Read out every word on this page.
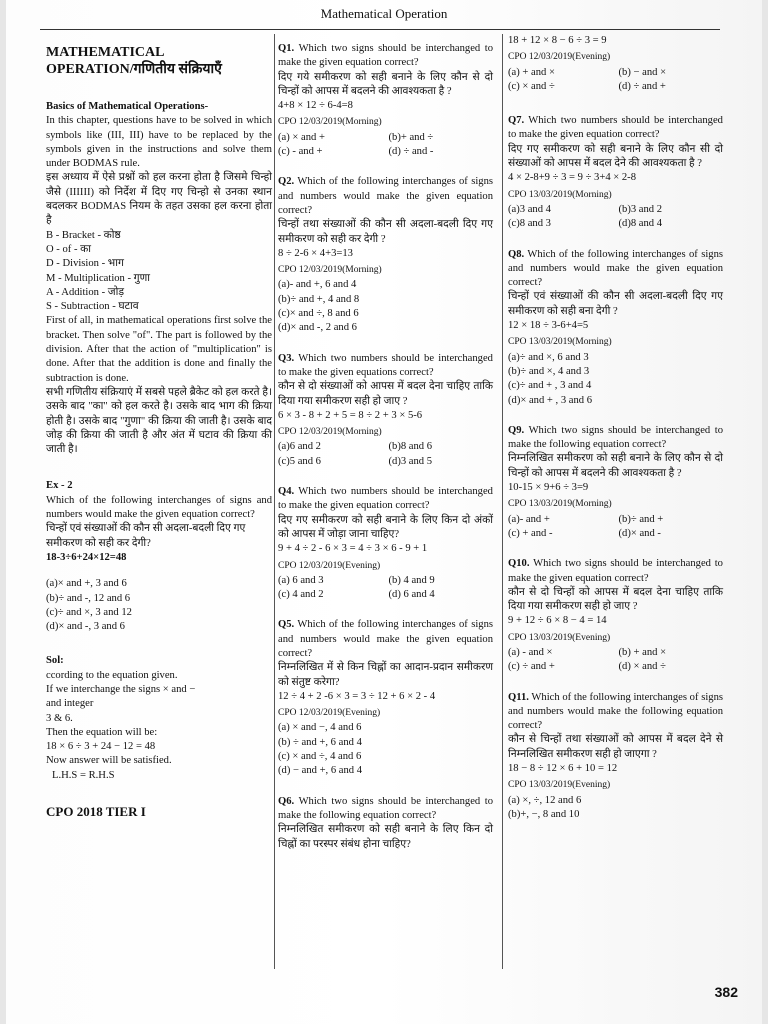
Mathematical Operation
MATHEMATICAL
OPERATION/गणितीय संक्रियाएँ
Basics of Mathematical Operations-
In this chapter, questions have to be solved in which symbols like (III, III) have to be replaced by the symbols given in the instructions and solve them under BODMAS rule.
इस अध्याय में ऐसे प्रश्नों को हल करना होता है जिसमे चिन्हो जैसे (IIIIII) को निर्देश में दिए गए चिन्हो से उनका स्थान बदलकर BODMAS नियम के तहत उसका हल करना होता है
B - Bracket - कोष्ठ
O - of - का
D - Division - भाग
M - Multiplication - गुणा
A - Addition - जोड़
S - Subtraction - घटाव
First of all, in mathematical operations first solve the bracket. Then solve "of". The part is followed by the division. After that the action of "multiplication" is done. After that the addition is done and finally the subtraction is done.
सभी गणितीय संक्रियाएं में सबसे पहले ब्रैकेट को हल करते है। उसके बाद "का" को हल करते है। उसके बाद भाग की क्रिया होती है। उसके बाद "गुणा" की क्रिया की जाती है। उसके बाद जोड़ की क्रिया की जाती है और अंत में घटाव की क्रिया की जाती है।
Ex - 2
Which of the following interchanges of signs and numbers would make the given equation correct?
चिन्हों एवं संख्याओं की कौन सी अदला-बदली दिए गए समीकरण को सही कर देगी?
18-3÷6+24×12=48
(a)× and +, 3 and 6
(b)÷ and -, 12 and 6
(c)÷ and ×, 3 and 12
(d)× and -, 3 and 6
Sol:
ccording to the equation given.
If we interchange the signs × and −
and integer
3 & 6.
Then the equation will be:
18 × 6 ÷ 3 + 24 − 12 = 48
Now answer will be satisfied.
L.H.S = R.H.S
CPO 2018 TIER I
Q1. Which two signs should be interchanged to make the given equation correct?
दिए गये समीकरण को सही बनाने के लिए कौन से दो चिन्हों को आपस में बदलने की आवश्यकता है ?
4+8 × 12 ÷ 6-4=8
CPO 12/03/2019(Morning)
(a) × and +	(b)+ and ÷
(c) - and +	(d) ÷ and -
Q2. Which of the following interchanges of signs and numbers would make the given equation correct?
चिन्हों तथा संख्याओं की कौन सी अदला-बदली दिए गए समीकरण को सही कर देगी ?
8 ÷ 2-6 × 4+3=13
CPO 12/03/2019(Morning)
(a)- and +, 6 and 4
(b)÷ and +, 4 and 8
(c)× and ÷, 8 and 6
(d)× and -, 2 and 6
Q3. Which two numbers should be interchanged to make the given equations correct?
कौन से दो संख्याओं को आपस में बदल देना चाहिए ताकि दिया गया समीकरण सही हो जाए ?
6 × 3 - 8 + 2 + 5 = 8 ÷ 2 + 3 × 5-6
CPO 12/03/2019(Morning)
(a)6 and 2	(b)8 and 6
(c)5 and 6	(d)3 and 5
Q4. Which two numbers should be interchanged to make the given equation correct?
दिए गए समीकरण को सही बनाने के लिए किन दो अंकों को आपस में जोड़ा जाना चाहिए?
9 + 4 ÷ 2 - 6 × 3 = 4 ÷ 3 × 6 - 9 + 1
CPO 12/03/2019(Evening)
(a) 6 and 3	(b) 4 and 9
(c) 4 and 2	(d) 6 and 4
Q5. Which of the following interchanges of signs and numbers would make the given equation correct?
निम्नलिखित में से किन चिह्नों का आदान-प्रदान समीकरण को संतुष्ट करेगा?
12 ÷ 4 + 2 -6 × 3 = 3 ÷ 12 + 6 × 2 - 4
CPO 12/03/2019(Evening)
(a) × and −, 4 and 6
(b) ÷ and +, 6 and 4
(c) × and ÷, 4 and 6
(d) − and +, 6 and 4
Q6. Which two signs should be interchanged to make the following equation correct?
निम्नलिखित समीकरण को सही बनाने के लिए किन दो चिह्नों का परस्पर संबंध होना चाहिए?
18 + 12 × 8 − 6 ÷ 3 = 9
CPO 12/03/2019(Evening)
(a) + and ×	(b) − and ×
(c) × and ÷	(d) ÷ and +
Q7. Which two numbers should be interchanged to make the given equation correct?
दिए गए समीकरण को सही बनाने के लिए कौन सी दो संख्याओं को आपस में बदल देने की आवश्यकता है ?
4 × 2-8+9 ÷ 3 = 9 ÷ 3+4 × 2-8
CPO 13/03/2019(Morning)
(a)3 and 4	(b)3 and 2
(c)8 and 3	(d)8 and 4
Q8. Which of the following interchanges of signs and numbers would make the given equation correct?
चिन्हों एवं संख्याओं की कौन सी अदला-बदली दिए गए समीकरण को सही बना देगी ?
12 × 18 ÷ 3-6+4=5
CPO 13/03/2019(Morning)
(a)÷ and ×, 6 and 3
(b)÷ and ×, 4 and 3
(c)÷ and + , 3 and 4
(d)× and + , 3 and 6
Q9. Which two signs should be interchanged to make the following equation correct?
निम्नलिखित समीकरण को सही बनाने के लिए कौन से दो चिन्हों को आपस में बदलने की आवश्यकता है ?
10-15 × 9+6 ÷ 3=9
CPO 13/03/2019(Morning)
(a)- and +	(b)÷ and +
(c) + and -	(d)× and -
Q10. Which two signs should be interchanged to make the given equation correct?
कौन से दो चिन्हों को आपस में बदल देना चाहिए ताकि दिया गया समीकरण सही हो जाए ?
9 + 12 ÷ 6 × 8 − 4 = 14
CPO 13/03/2019(Evening)
(a) - and ×	(b) + and ×
(c) ÷ and +	(d) × and ÷
Q11. Which of the following interchanges of signs and numbers would make the following equation correct?
कौन से चिन्हों तथा संख्याओं को आपस में बदल देने से निम्नलिखित समीकरण सही हो जाएगा ?
18 − 8 ÷ 12 × 6 + 10 = 12
CPO 13/03/2019(Evening)
(a) ×, ÷, 12 and 6
(b)+, −, 8 and 10
382
